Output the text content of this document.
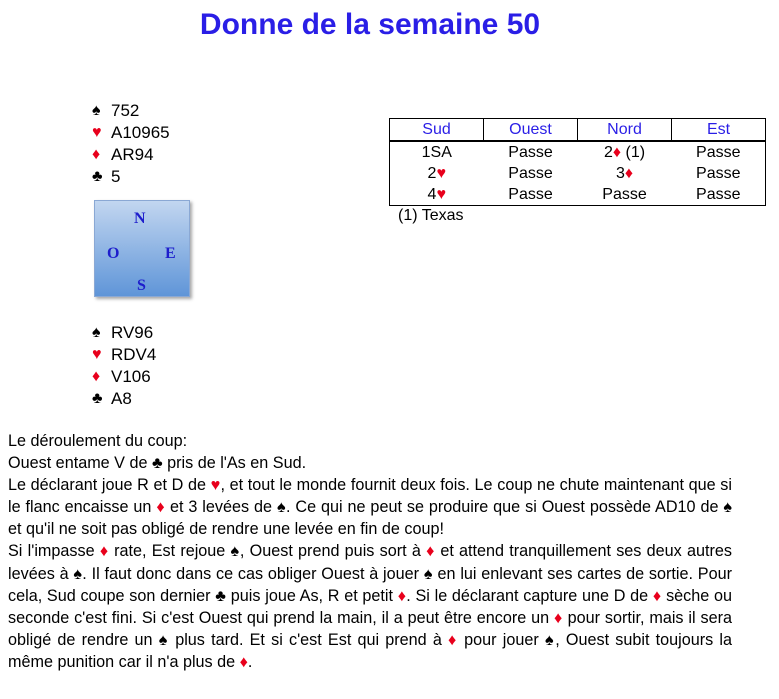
Donne de la semaine 50
♠ 752
♥ A10965
♦ AR94
♣ 5
N
O	E
S
♠ RV96
♥ RDV4
♦ V106
♣ A8
Sud	Ouest	Nord	Est
1SA	Passe	2♦ (1)	Passe
2♥	Passe	3♦	Passe
4♥	Passe	Passe	Passe
(1) Texas

Le déroulement du coup:

Ouest entame V de ♣ pris de l'As en Sud.

Le déclarant joue R et D de ♥, et tout le monde fournit deux fois. Le coup ne chute maintenant que si le flanc encaisse un ♦ et 3 levées de ♠. Ce qui ne peut se produire que si Ouest possède AD10 de ♠ et qu'il ne soit pas obligé de rendre une levée en fin de coup!

Si l'impasse ♦ rate, Est rejoue ♠, Ouest prend puis sort à ♦ et attend tranquillement ses deux autres levées à ♠. Il faut donc dans ce cas obliger Ouest à jouer ♠ en lui enlevant ses cartes de sortie. Pour cela, Sud coupe son dernier ♣ puis joue As, R et petit ♦. Si le déclarant capture une D de ♦ sèche ou seconde c'est fini. Si c'est Ouest qui prend la main, il a peut être encore un ♦ pour sortir, mais il sera obligé de rendre un ♠ plus tard. Et si c'est Est qui prend à ♦ pour jouer ♠, Ouest subit toujours la même punition car il n'a plus de ♦.
